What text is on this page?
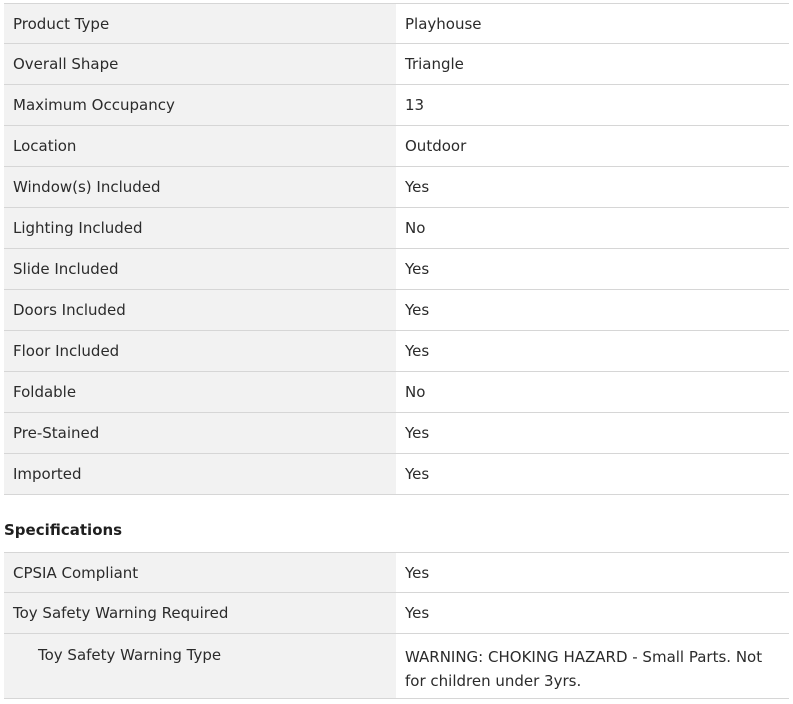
Product Type	Playhouse
Overall Shape	Triangle
Maximum Occupancy	13
Location	Outdoor
Window(s) Included	Yes
Lighting Included	No
Slide Included	Yes
Doors Included	Yes
Floor Included	Yes
Foldable	No
Pre-Stained	Yes
Imported	Yes
Specifications
CPSIA Compliant	Yes
Toy Safety Warning Required	Yes
Toy Safety Warning Type	WARNING: CHOKING HAZARD - Small Parts. Not for children under 3yrs.
